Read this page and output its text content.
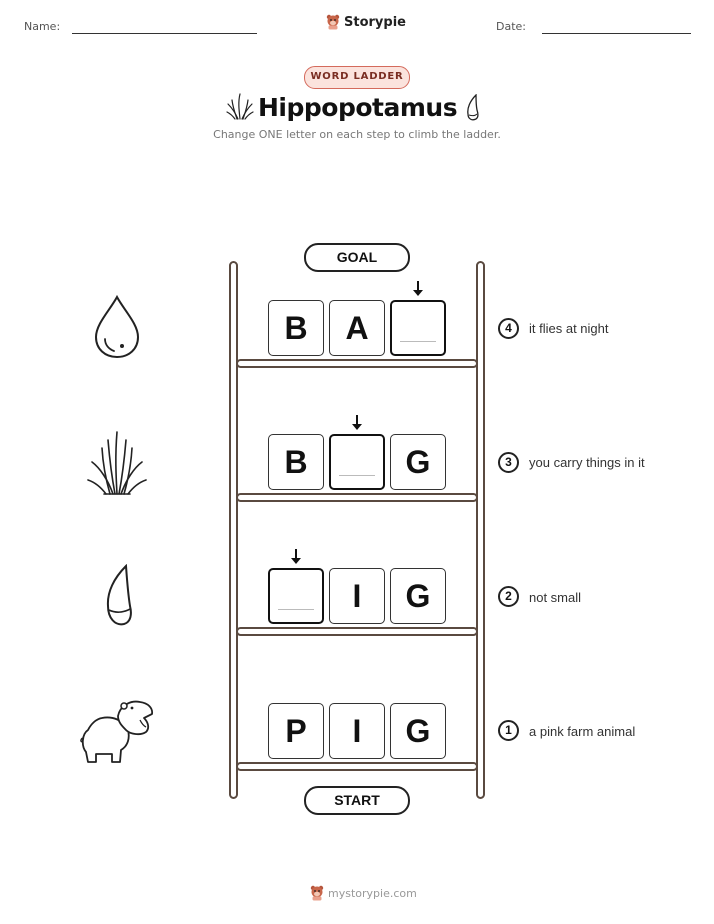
Name:	Storypie	Date:
WORD LADDER
Hippopotamus
Change ONE letter on each step to climb the ladder.
GOAL
START
B	A	4	it flies at night
B	G	3	you carry things in it
I	G	2	not small
P	I	G	1	a pink farm animal
mystorypie.com
